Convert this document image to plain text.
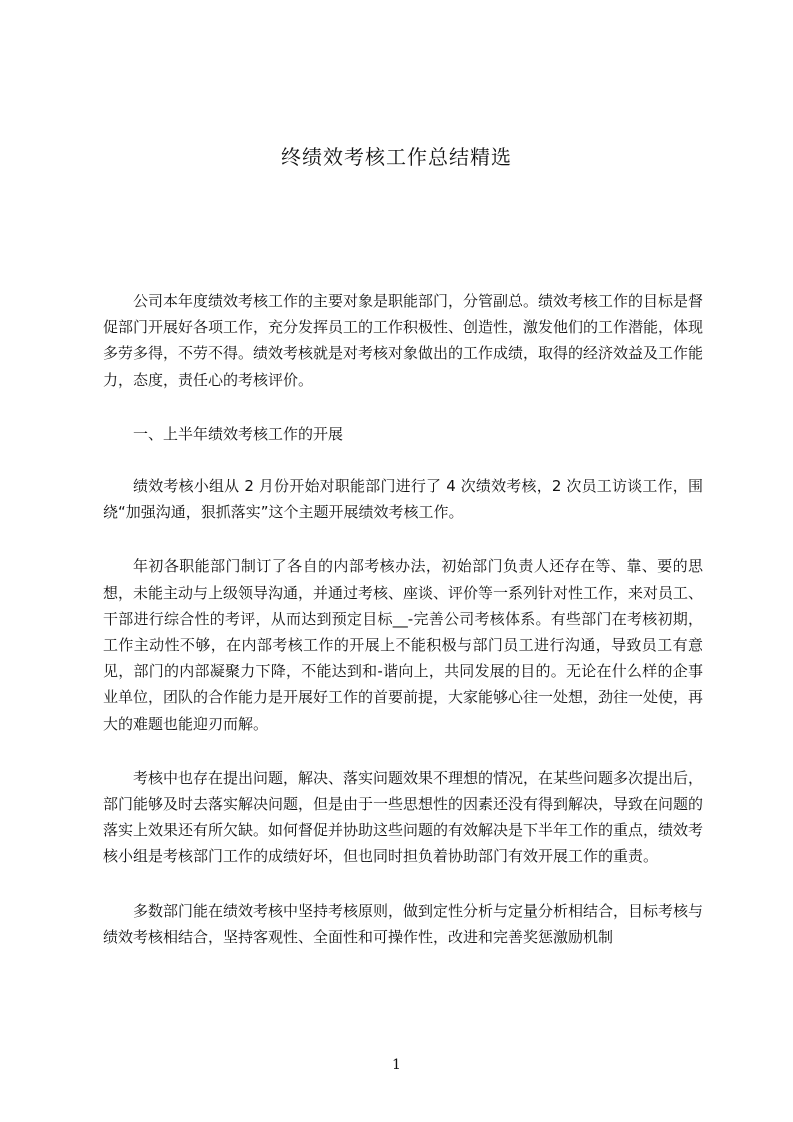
终绩效考核工作总结精选

公司本年度绩效考核工作的主要对象是职能部门，分管副总。绩效考核工作的目标是督促部门开展好各项工作，充分发挥员工的工作积极性、创造性，激发他们的工作潜能，体现多劳多得，不劳不得。绩效考核就是对考核对象做出的工作成绩，取得的经济效益及工作能力，态度，责任心的考核评价。

一、上半年绩效考核工作的开展

绩效考核小组从 2 月份开始对职能部门进行了 4 次绩效考核，2 次员工访谈工作，围绕“加强沟通，狠抓落实”这个主题开展绩效考核工作。

年初各职能部门制订了各自的内部考核办法，初始部门负责人还存在等、靠、要的思想，未能主动与上级领导沟通，并通过考核、座谈、评价等一系列针对性工作，来对员工、干部进行综合性的考评，从而达到预定目标__-完善公司考核体系。有些部门在考核初期，工作主动性不够，在内部考核工作的开展上不能积极与部门员工进行沟通，导致员工有意见，部门的内部凝聚力下降，不能达到和-谐向上，共同发展的目的。无论在什么样的企事业单位，团队的合作能力是开展好工作的首要前提，大家能够心往一处想，劲往一处使，再大的难题也能迎刃而解。

考核中也存在提出问题，解决、落实问题效果不理想的情况，在某些问题多次提出后，部门能够及时去落实解决问题，但是由于一些思想性的因素还没有得到解决，导致在问题的落实上效果还有所欠缺。如何督促并协助这些问题的有效解决是下半年工作的重点，绩效考核小组是考核部门工作的成绩好坏，但也同时担负着协助部门有效开展工作的重责。

多数部门能在绩效考核中坚持考核原则，做到定性分析与定量分析相结合，目标考核与绩效考核相结合，坚持客观性、全面性和可操作性，改进和完善奖惩激励机制

1
